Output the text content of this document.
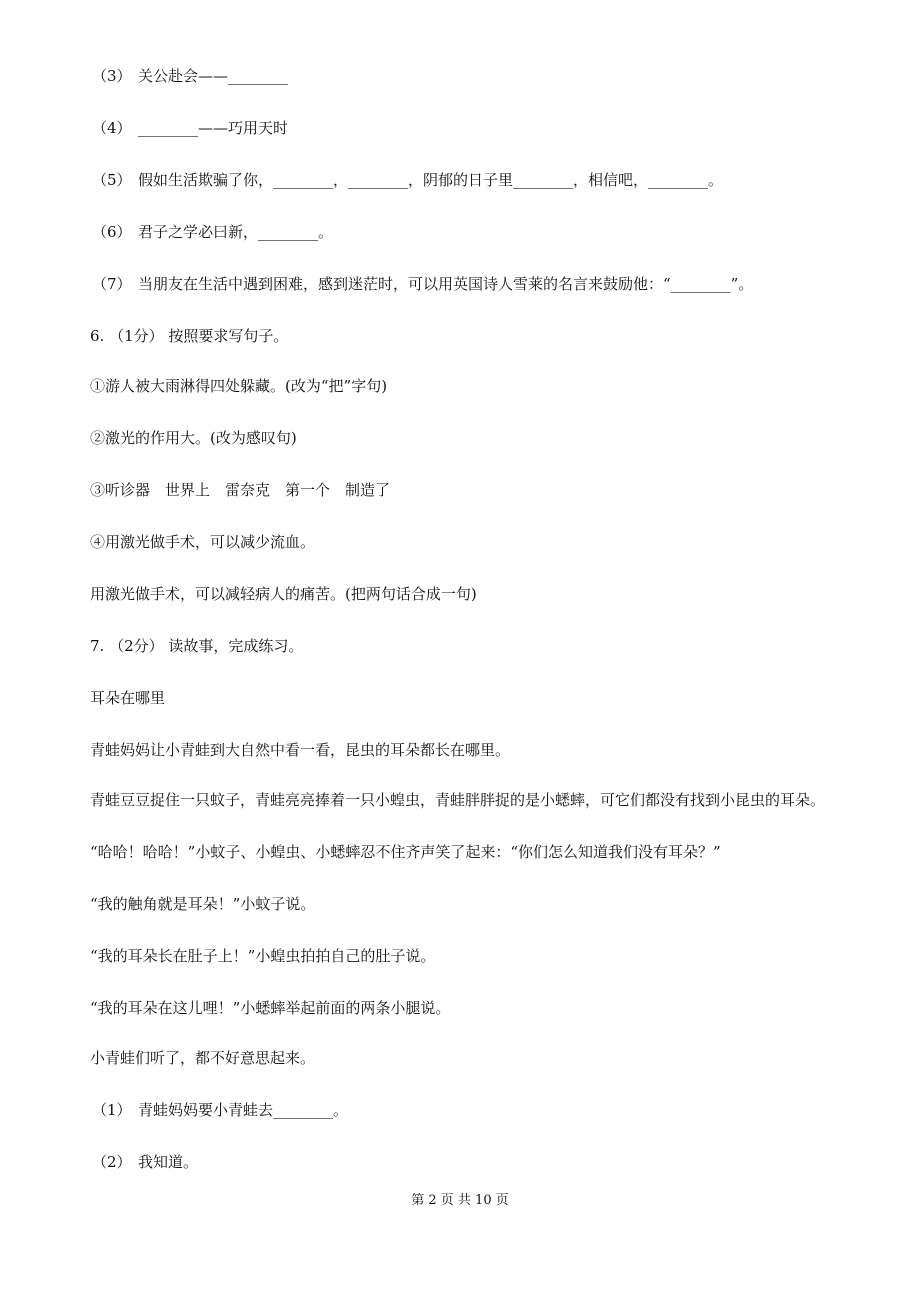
（3） 关公赴会——________
（4） ________——巧用天时
（5） 假如生活欺骗了你，________，________，阴郁的日子里________，相信吧，________。
（6） 君子之学必曰新，________。
（7） 当朋友在生活中遇到困难，感到迷茫时，可以用英国诗人雪莱的名言来鼓励他：“________”。
6. （1分） 按照要求写句子。
①游人被大雨淋得四处躲藏。(改为“把”字句)
②激光的作用大。(改为感叹句)
③听诊器　世界上　雷奈克　第一个　制造了
④用激光做手术，可以减少流血。
用激光做手术，可以减轻病人的痛苦。(把两句话合成一句)
7. （2分） 读故事，完成练习。
耳朵在哪里
青蛙妈妈让小青蛙到大自然中看一看，昆虫的耳朵都长在哪里。
青蛙豆豆捉住一只蚊子，青蛙亮亮捧着一只小蝗虫，青蛙胖胖捉的是小蟋蟀，可它们都没有找到小昆虫的耳朵。
“哈哈！哈哈！”小蚊子、小蝗虫、小蟋蟀忍不住齐声笑了起来：“你们怎么知道我们没有耳朵？”
“我的触角就是耳朵！”小蚊子说。
“我的耳朵长在肚子上！”小蝗虫拍拍自己的肚子说。
“我的耳朵在这儿哩！”小蟋蟀举起前面的两条小腿说。
小青蛙们听了，都不好意思起来。
（1） 青蛙妈妈要小青蛙去________。
（2） 我知道。
第 2 页 共 10 页
